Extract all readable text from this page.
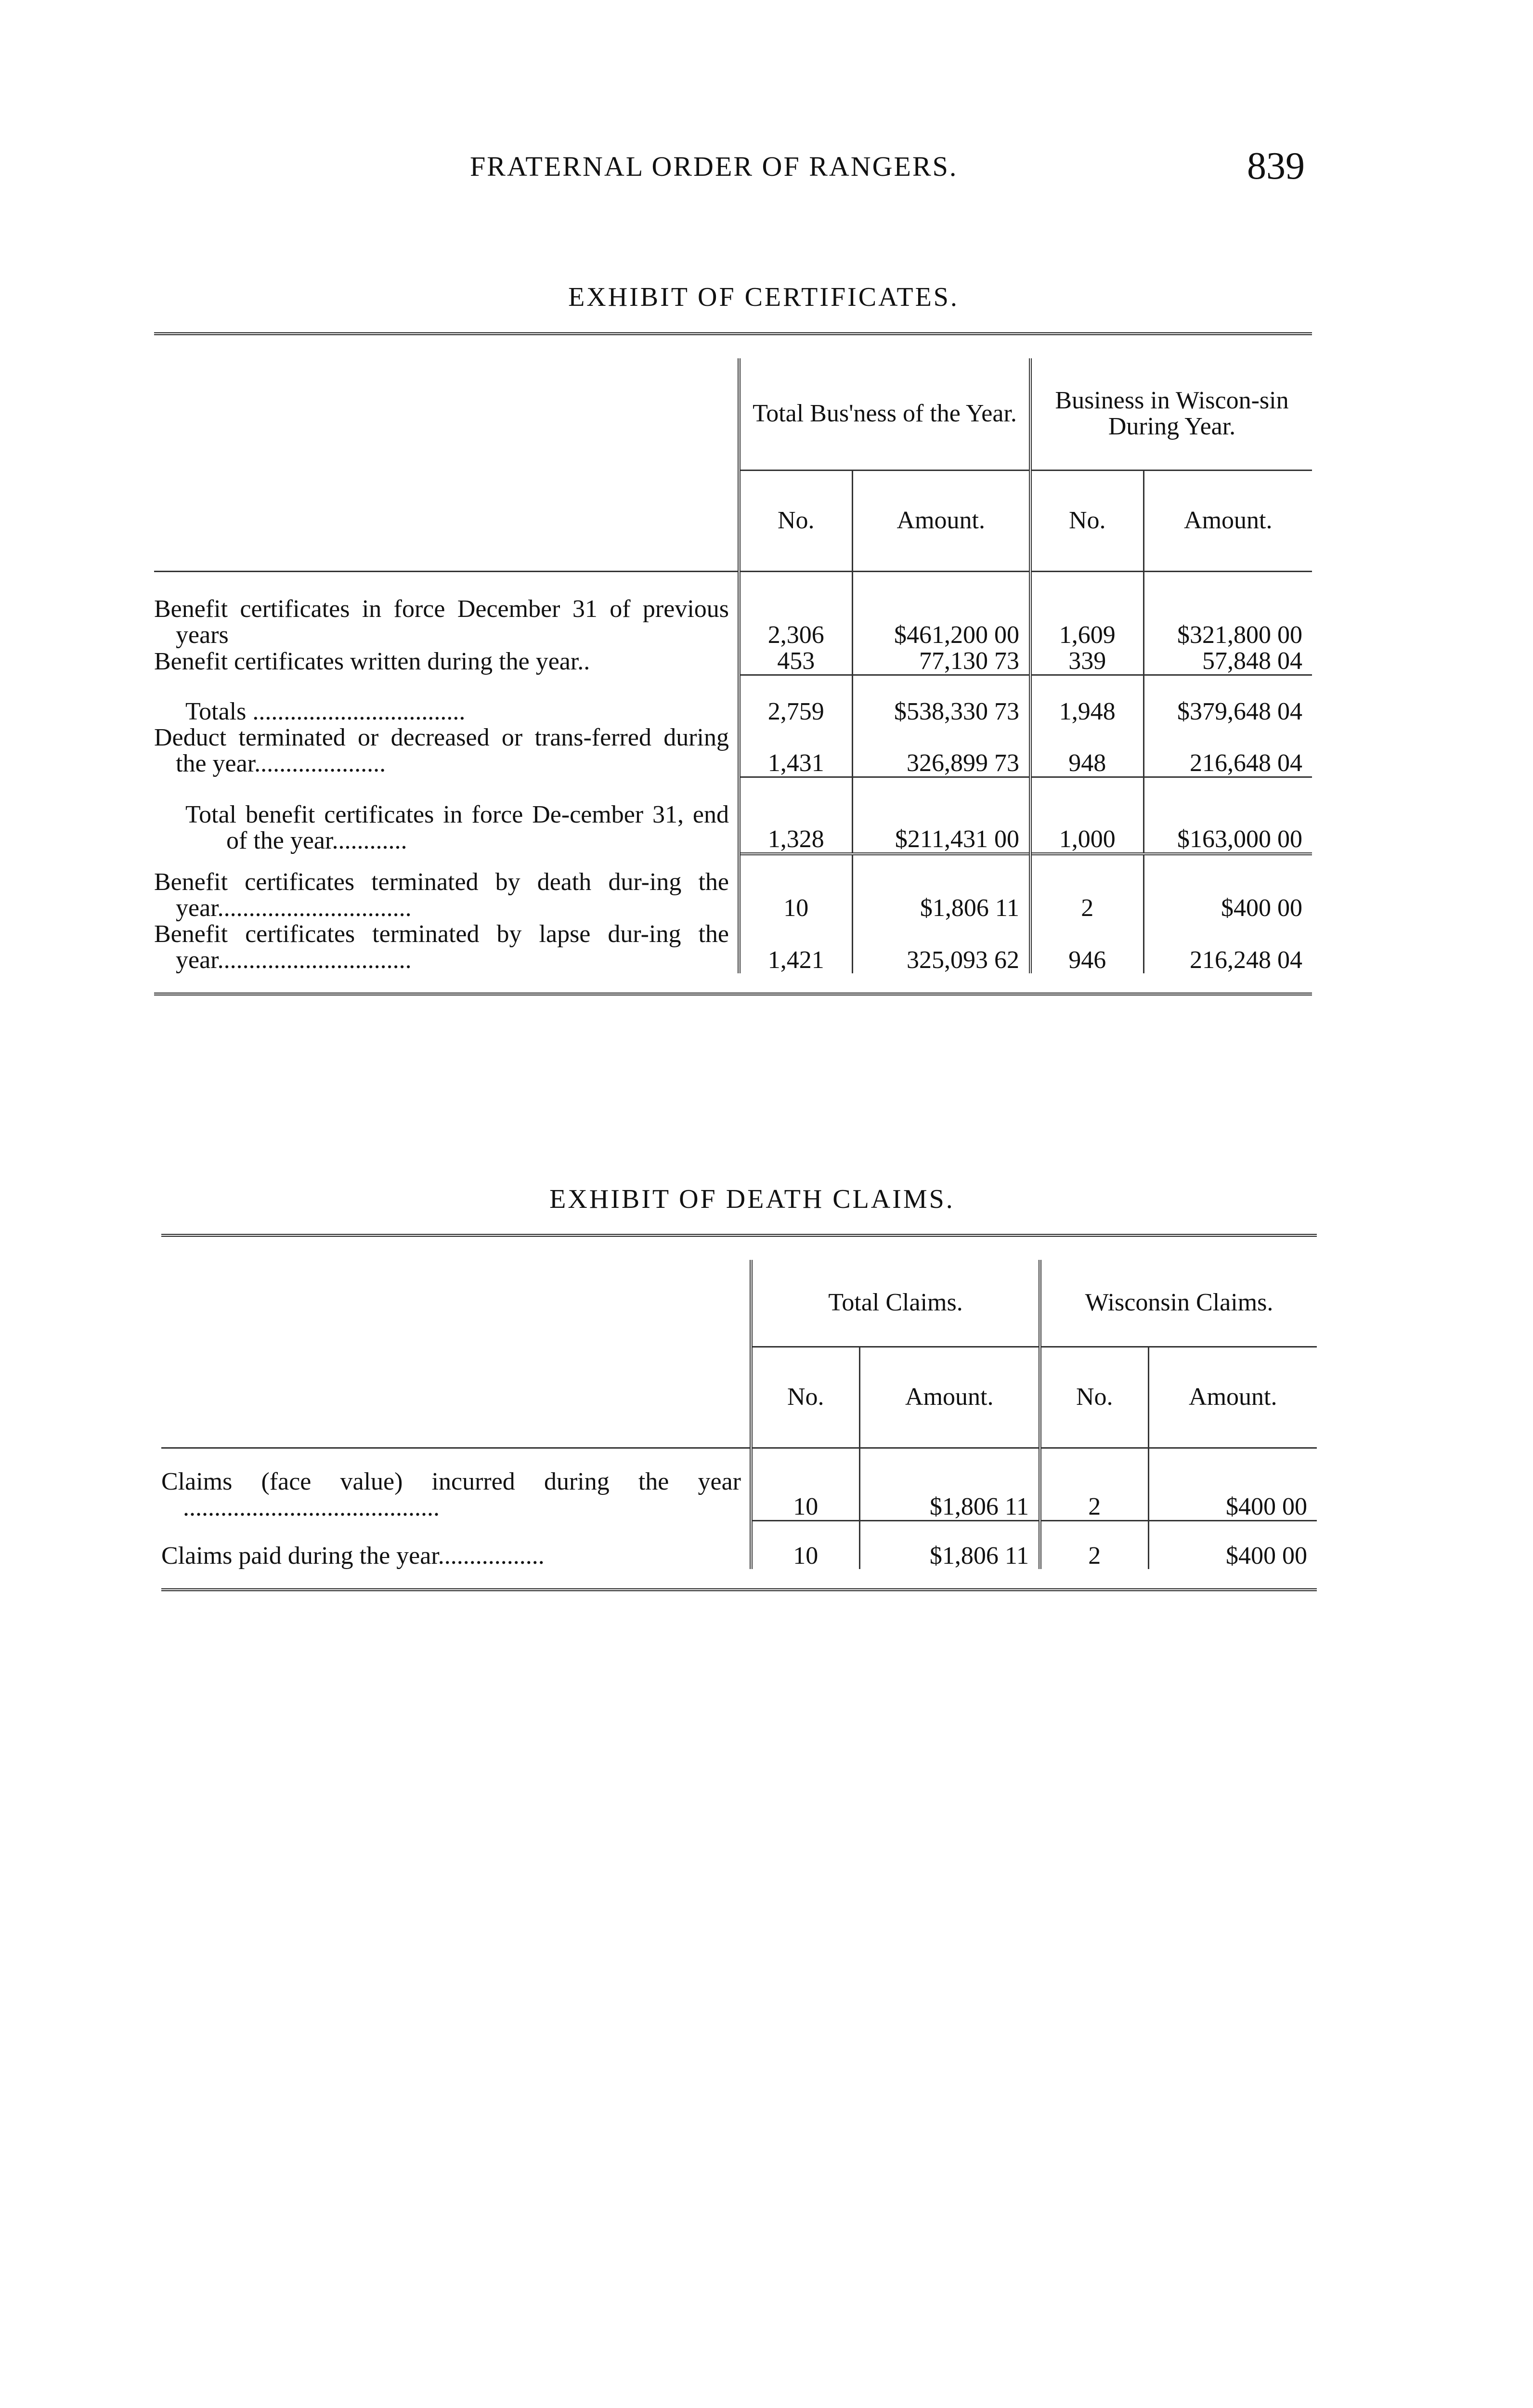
FRATERNAL ORDER OF RANGERS.	839
EXHIBIT OF CERTIFICATES.

	Total Bus'ness of the Year.		Business in Wiscon-sin During Year.	
	No.	Amount.	No.	Amount.

Benefit certificates in force December 31 of previous years	2,306	$461,200 00	1,609	$321,800 00

Benefit certificates written during the year..	453	77,130 73	339	57,848 04

Totals ..................................	2,759	$538,330 73	1,948	$379,648 04

Deduct terminated or decreased or trans-ferred during the year.....................	1,431	326,899 73	948	216,648 04

Total benefit certificates in force De-cember 31, end of the year............	1,328	$211,431 00	1,000	$163,000 00

Benefit certificates terminated by death dur-ing the year...............................	10	$1,806 11	2	$400 00

Benefit certificates terminated by lapse dur-ing the year...............................	1,421	325,093 62	946	216,248 04

EXHIBIT OF DEATH CLAIMS.

	Total Claims.		Wisconsin Claims.	
	No.	Amount.	No.	Amount.

Claims (face value) incurred during the year .........................................	10	$1,806 11	2	$400 00

Claims paid during the year.................	10	$1,806 11	2	$400 00
